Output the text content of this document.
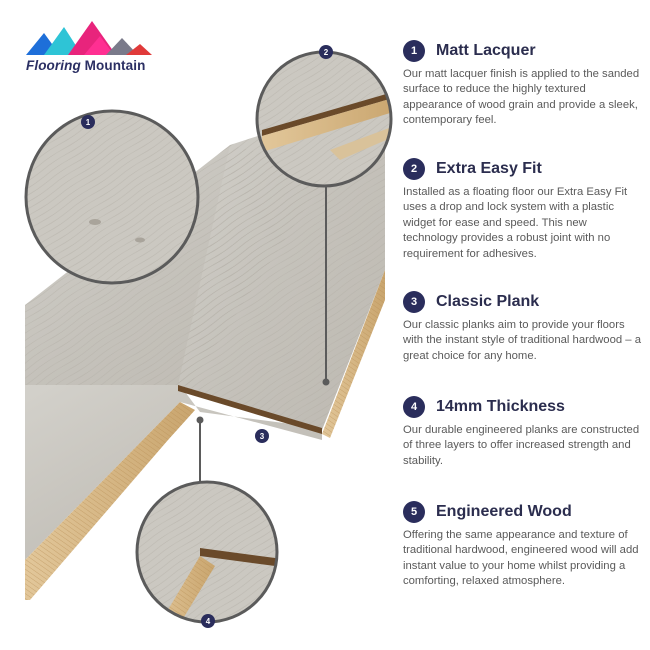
1
2
3
4
Flooring Mountain
1	Matt Lacquer
Our matt lacquer finish is applied to the sanded surface to reduce the highly textured appearance of wood grain and provide a sleek, contemporary feel.
2	Extra Easy Fit
Installed as a floating floor our Extra Easy Fit uses a drop and lock system with a plastic widget for ease and speed. This new technology provides a robust joint with no requirement for adhesives.
3	Classic Plank
Our classic planks aim to provide your floors with the instant style of traditional hardwood – a great choice for any home.
4	14mm Thickness
Our durable engineered planks are constructed of three layers to offer increased strength and stability.
5	Engineered Wood
Offering the same appearance and texture of traditional hardwood, engineered wood will add instant value to your home whilst providing a comforting, relaxed atmosphere.
